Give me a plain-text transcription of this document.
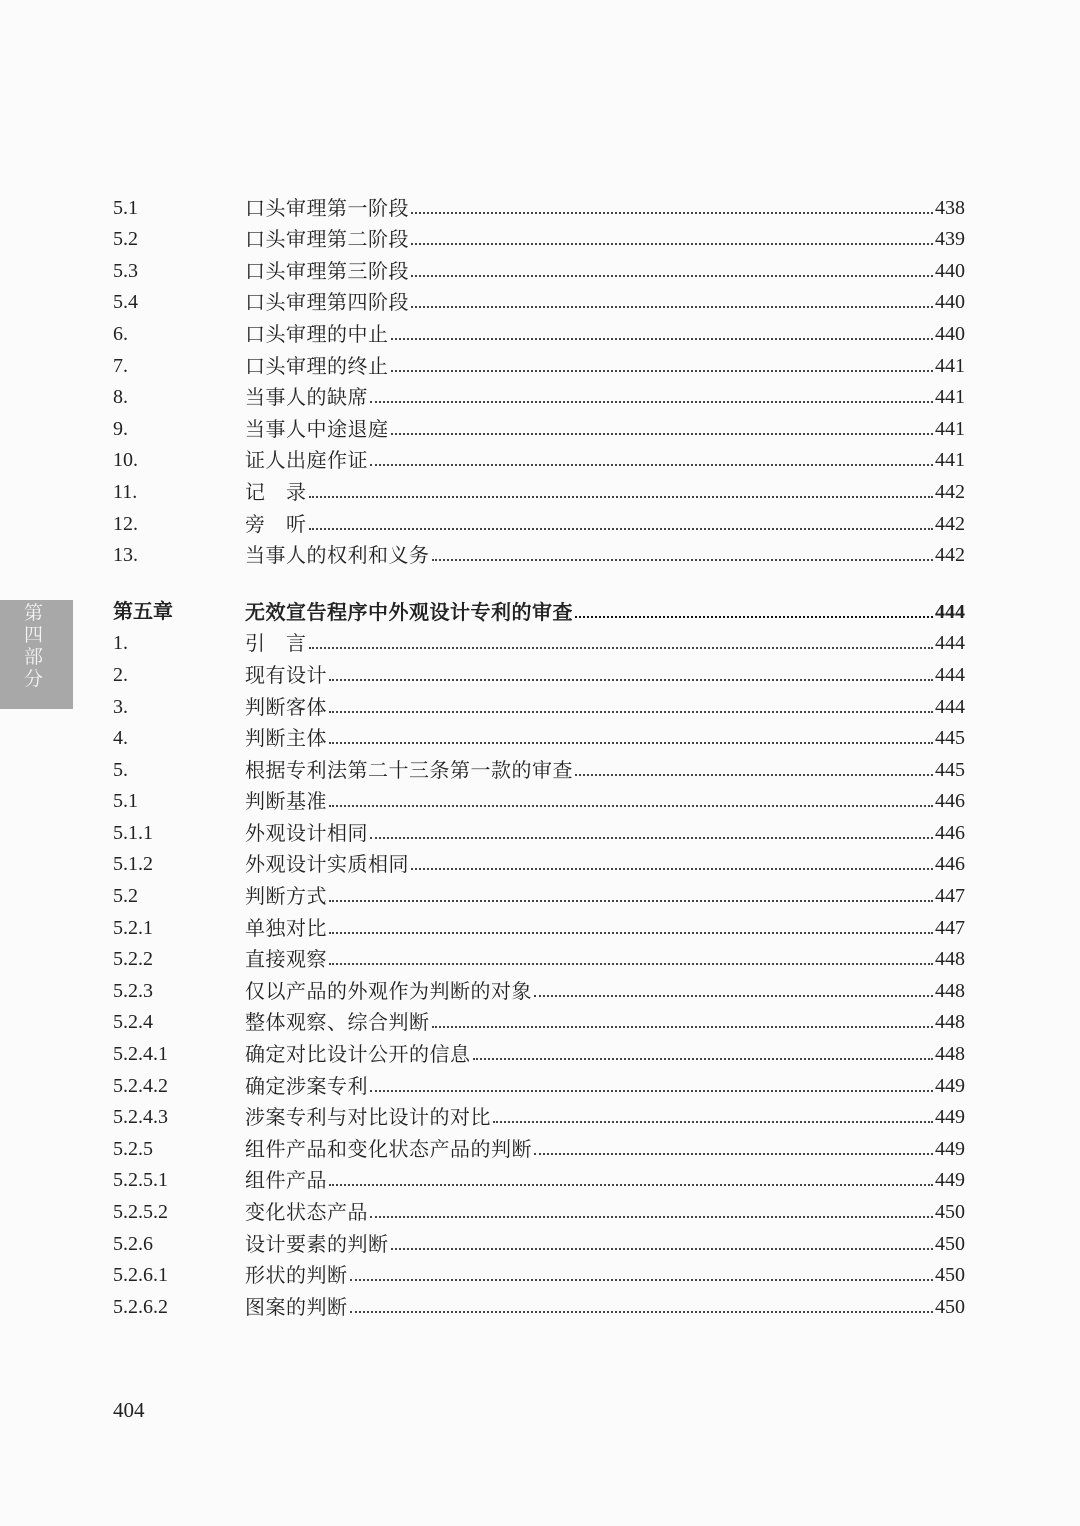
5.1	口头审理第一阶段	438
5.2	口头审理第二阶段	439
5.3	口头审理第三阶段	440
5.4	口头审理第四阶段	440
6.	口头审理的中止	440
7.	口头审理的终止	441
8.	当事人的缺席	441
9.	当事人中途退庭	441
10.	证人出庭作证	441
11.	记　录	442
12.	旁　听	442
13.	当事人的权利和义务	442
第五章	无效宣告程序中外观设计专利的审查	444
1.	引　言	444
2.	现有设计	444
3.	判断客体	444
4.	判断主体	445
5.	根据专利法第二十三条第一款的审查	445
5.1	判断基准	446
5.1.1	外观设计相同	446
5.1.2	外观设计实质相同	446
5.2	判断方式	447
5.2.1	单独对比	447
5.2.2	直接观察	448
5.2.3	仅以产品的外观作为判断的对象	448
5.2.4	整体观察、综合判断	448
5.2.4.1	确定对比设计公开的信息	448
5.2.4.2	确定涉案专利	449
5.2.4.3	涉案专利与对比设计的对比	449
5.2.5	组件产品和变化状态产品的判断	449
5.2.5.1	组件产品	449
5.2.5.2	变化状态产品	450
5.2.6	设计要素的判断	450
5.2.6.1	形状的判断	450
5.2.6.2	图案的判断	450
第
四
部
分
404
